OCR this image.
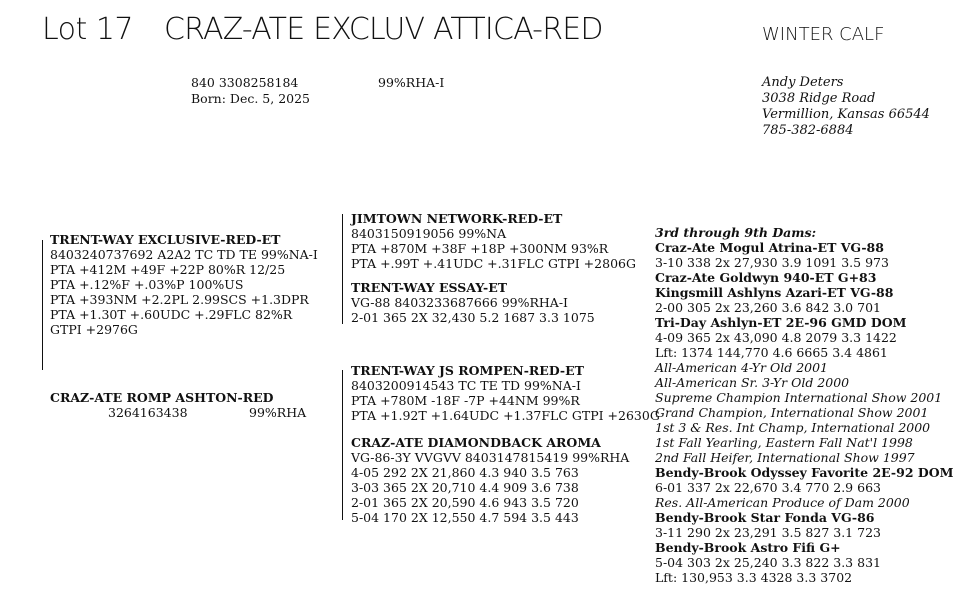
Lot 17 CRAZ-ATE EXCLUV ATTICA-RED	WINTER CALF
840 3308258184
Born: Dec. 5, 2025
99%RHA-I	Andy Deters
3038 Ridge Road
Vermillion, Kansas 66544
785-382-6884
TRENT-WAY EXCLUSIVE-RED-ET
8403240737692 A2A2 TC TD TE 99%NA-I
PTA +412M +49F +22P 80%R 12/25
PTA +.12%F +.03%P 100%US
PTA +393NM +2.2PL 2.99SCS +1.3DPR
PTA +1.30T +.60UDC +.29FLC 82%R
GTPI +2976G
JIMTOWN NETWORK-RED-ET
8403150919056 99%NA
PTA +870M +38F +18P +300NM 93%R
PTA +.99T +.41UDC +.31FLC GTPI +2806G
TRENT-WAY ESSAY-ET
VG-88 8403233687666 99%RHA-I
2-01 365 2X 32,430 5.2 1687 3.3 1075
CRAZ-ATE ROMP ASHTON-RED
3264163438	99%RHA
TRENT-WAY JS ROMPEN-RED-ET
8403200914543 TC TE TD 99%NA-I
PTA +780M -18F -7P +44NM 99%R
PTA +1.92T +1.64UDC +1.37FLC GTPI +2630G
CRAZ-ATE DIAMONDBACK AROMA
VG-86-3Y VVGVV 8403147815419 99%RHA
4-05 292 2X 21,860 4.3 940 3.5 763
3-03 365 2X 20,710 4.4 909 3.6 738
2-01 365 2X 20,590 4.6 943 3.5 720
5-04 170 2X 12,550 4.7 594 3.5 443
3rd through 9th Dams:
Craz-Ate Mogul Atrina-ET VG-88
3-10 338 2x 27,930 3.9 1091 3.5 973
Craz-Ate Goldwyn 940-ET G+83
Kingsmill Ashlyns Azari-ET VG-88
2-00 305 2x 23,260 3.6 842 3.0 701
Tri-Day Ashlyn-ET 2E-96 GMD DOM
4-09 365 2x 43,090 4.8 2079 3.3 1422
Lft: 1374 144,770 4.6 6665 3.4 4861
All-American 4-Yr Old 2001
All-American Sr. 3-Yr Old 2000
Supreme Champion International Show 2001
Grand Champion, International Show 2001
1st 3 & Res. Int Champ, International 2000
1st Fall Yearling, Eastern Fall Nat'l 1998
2nd Fall Heifer, International Show 1997
Bendy-Brook Odyssey Favorite 2E-92 DOM
6-01 337 2x 22,670 3.4 770 2.9 663
Res. All-American Produce of Dam 2000
Bendy-Brook Star Fonda VG-86
3-11 290 2x 23,291 3.5 827 3.1 723
Bendy-Brook Astro Fifi G+
5-04 303 2x 25,240 3.3 822 3.3 831
Lft: 130,953 3.3 4328 3.3 3702
